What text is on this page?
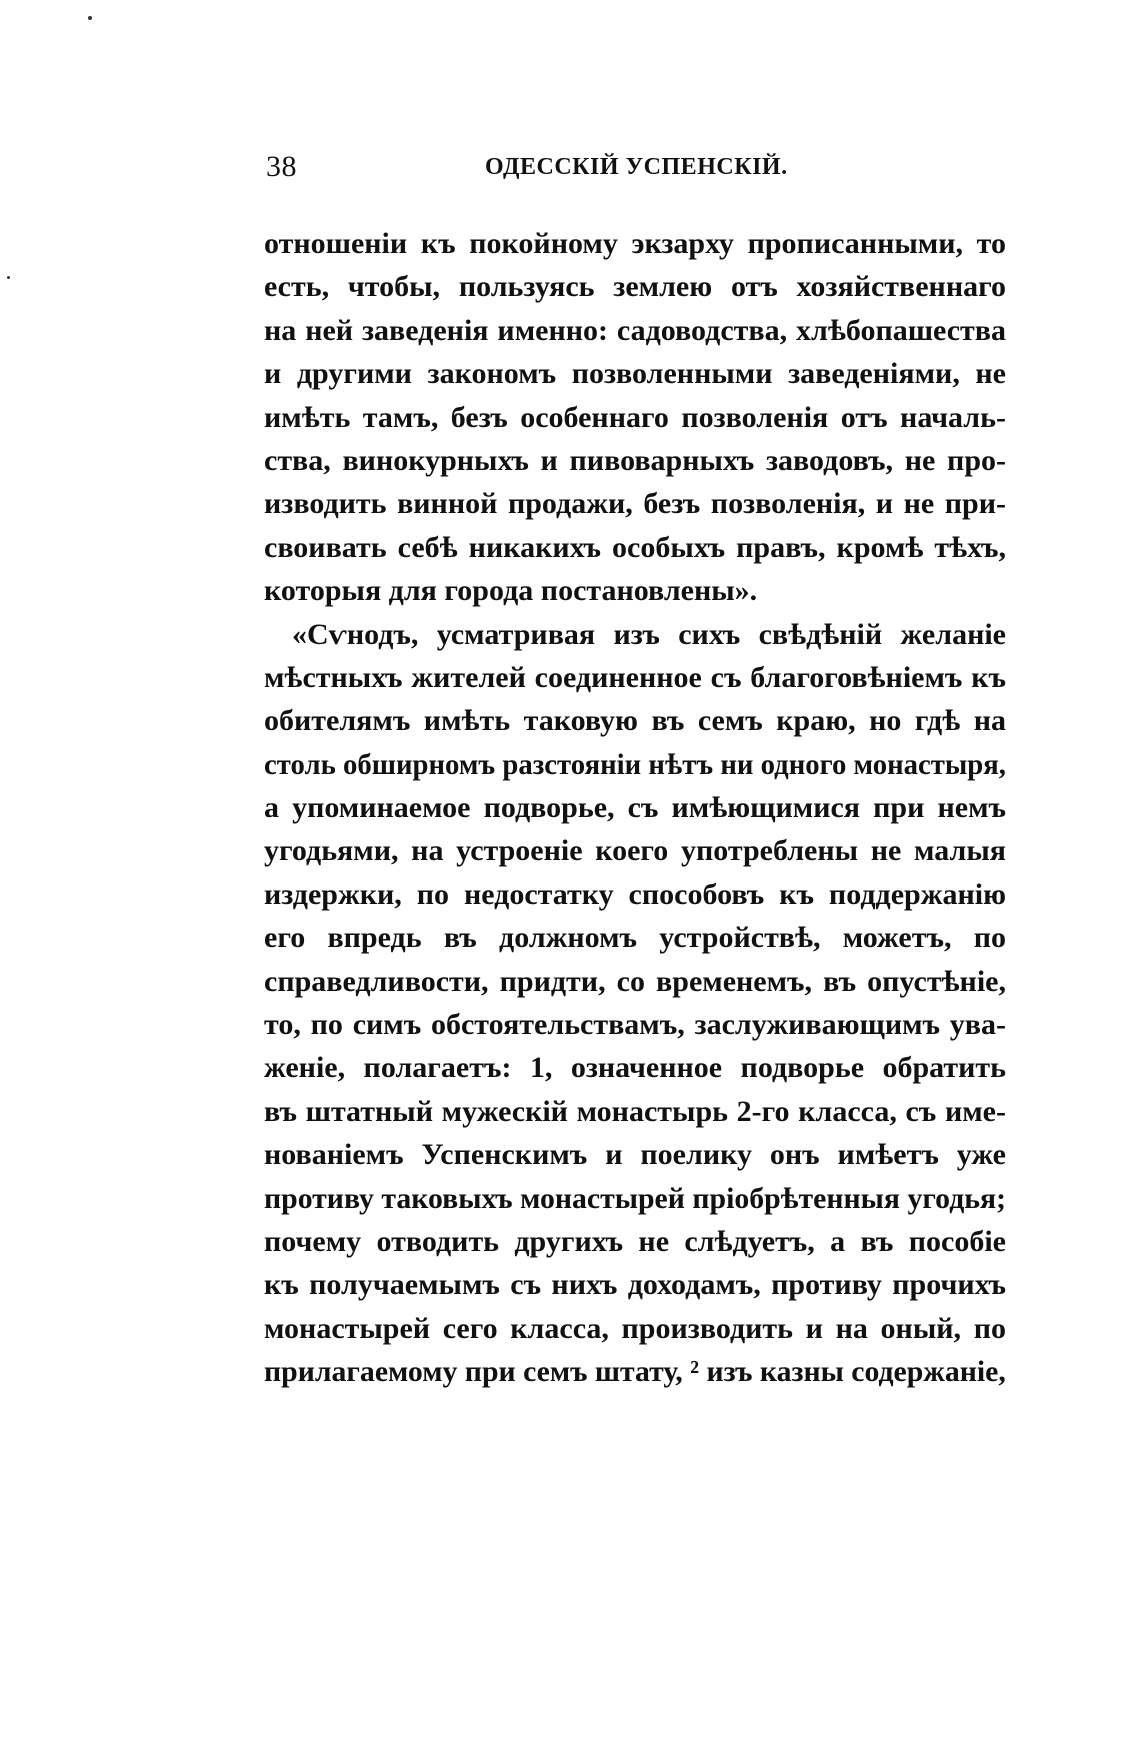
38	ОДЕССКІЙ УСПЕНСКІЙ.
отношеніи къ покойному экзарху прописанными, то
есть, чтобы, пользуясь землею отъ хозяйственнаго
на ней заведенія именно: садоводства, хлѣбопашества
и другими закономъ позволенными заведеніями, не
имѣть тамъ, безъ особеннаго позволенія отъ началь-
ства, винокурныхъ и пивоварныхъ заводовъ, не про-
изводить винной продажи, безъ позволенія, и не при-
своивать себѣ никакихъ особыхъ правъ, кромѣ тѣхъ,
которыя для города постановлены».
«Сѵнодъ, усматривая изъ сихъ свѣдѣній желаніе
мѣстныхъ жителей соединенное съ благоговѣніемъ къ
обителямъ имѣть таковую въ семъ краю, но гдѣ на
столь обширномъ разстояніи нѣтъ ни одного монастыря,
а упоминаемое подворье, съ имѣющимися при немъ
угодьями, на устроеніе коего употреблены не малыя
издержки, по недостатку способовъ къ поддержанію
его впредь въ должномъ устройствѣ, можетъ, по
справедливости, придти, со временемъ, въ опустѣніе,
то, по симъ обстоятельствамъ, заслуживающимъ ува-
женіе, полагаетъ: 1, означенное подворье обратить
въ штатный мужескій монастырь 2-го класса, съ име-
нованіемъ Успенскимъ и поелику онъ имѣетъ уже
противу таковыхъ монастырей пріобрѣтенныя угодья;
почему отводить другихъ не слѣдуетъ, а въ пособіе
къ получаемымъ съ нихъ доходамъ, противу прочихъ
монастырей сего класса, производить и на оный, по
прилагаемому при семъ штату, ² изъ казны содержаніе,
